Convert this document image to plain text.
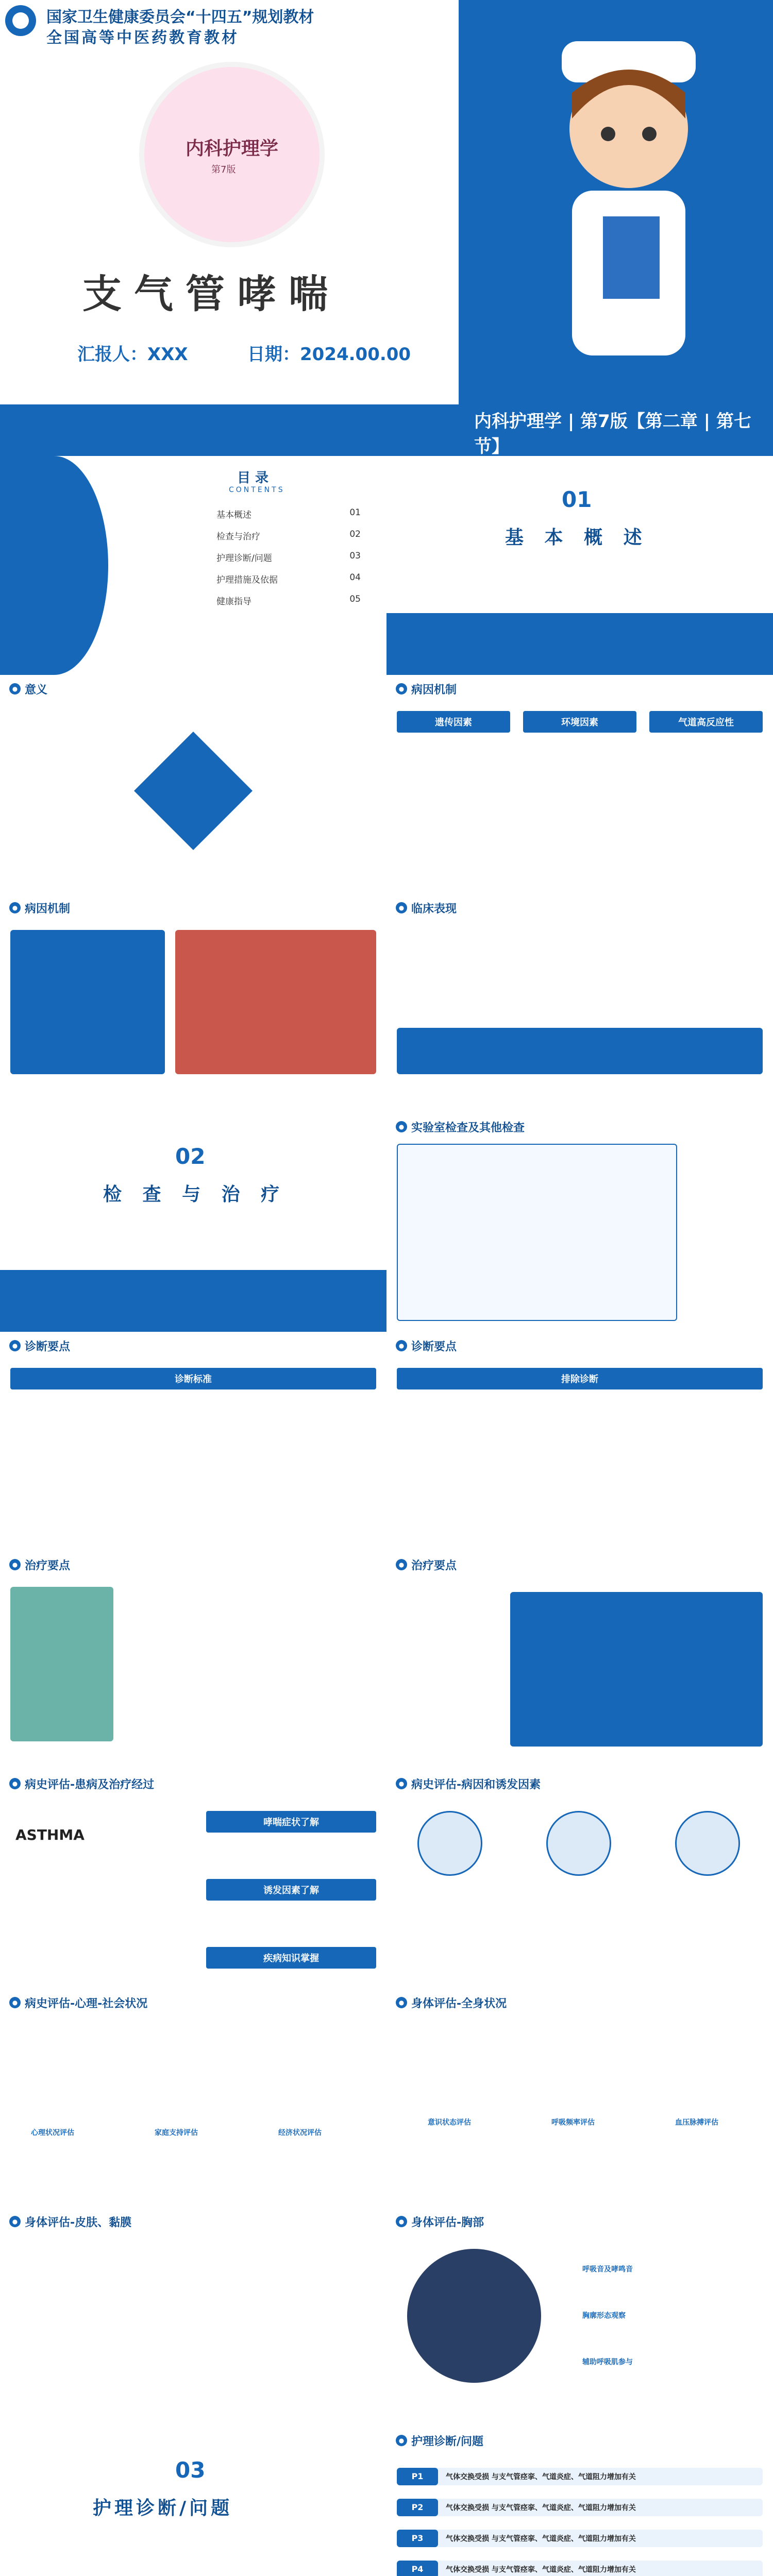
国家卫生健康委员会“十四五”规划教材
全国高等中医药教育教材
内科护理学
第7版
支气管哮喘
汇报人：XXX	日期：2024.00.00
内科护理学 | 第7版【第二章 | 第七节】
目 录
CONTENTS
基本概述	01
检查与治疗	02
护理诊断/问题	03
护理措施及依据	04
健康指导	05
01
基 本 概 述
● 意义	● 病因机制
遗传因素	环境因素	气道高反应性
● 病因机制	● 临床表现
02
检 查 与 治 疗
● 实验室检查及其他检查
● 诊断要点
诊断标准
● 诊断要点
排除诊断
● 治疗要点	● 治疗要点
● 病史评估-患病及治疗经过
ASTHMA
哮喘症状了解
诱发因素了解
疾病知识掌握
● 病史评估-病因和诱发因素
● 病史评估-心理-社会状况
心理状况评估	家庭支持评估	经济状况评估
● 身体评估-全身状况
意识状态评估	呼吸频率评估	血压脉搏评估
● 身体评估-皮肤、黏膜	● 身体评估-胸部
呼吸音及哮鸣音
胸廓形态观察
辅助呼吸肌参与
03
护理诊断/问题
● 护理诊断/问题
P1	气体交换受损 与支气管痉挛、气道炎症、气道阻力增加有关
P2	气体交换受损 与支气管痉挛、气道炎症、气道阻力增加有关
P3	气体交换受损 与支气管痉挛、气道炎症、气道阻力增加有关
P4	气体交换受损 与支气管痉挛、气道炎症、气道阻力增加有关
